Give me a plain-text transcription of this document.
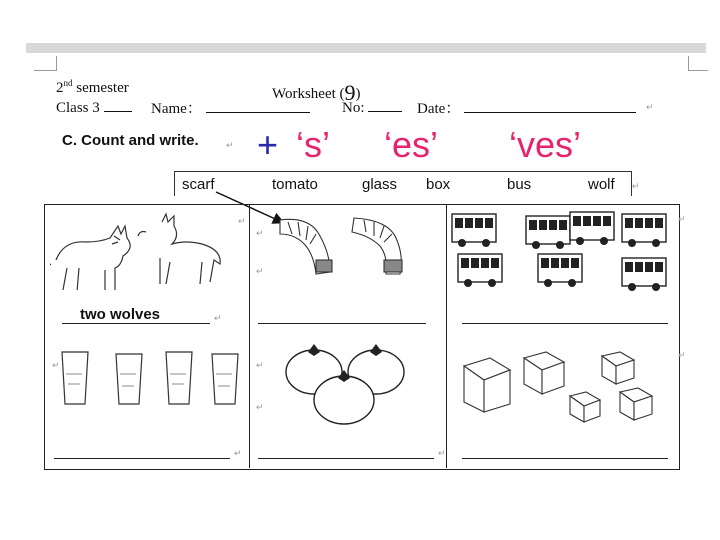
2nd semester	Worksheet (9)
Class 3	Name：	No:	Date：	↵
C. Count and write.	↵ + ‘s’ ‘es’ ‘ves’
scarf	tomato	glass box	bus	wolf ↵
↵
↵
↵
↵
two wolves	↵
↵	↵
↵
↵
↵	↵
